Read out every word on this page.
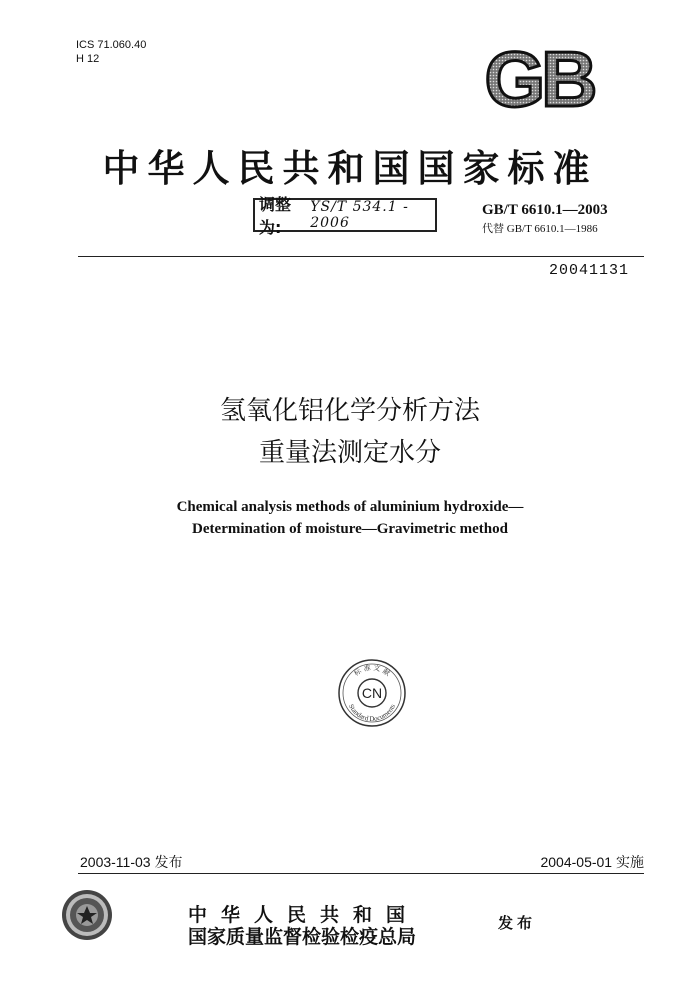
ICS 71.060.40
H 12	GB
中华人民共和国国家标准
调整为:
YS/T 534.1 - 2006
GB/T 6610.1—2003
代替 GB/T 6610.1—1986
20041131
氢氧化铝化学分析方法
重量法测定水分
Chemical analysis methods of aluminium hydroxide—
Determination of moisture—Gravimetric method
标 准 文 献
CN
Standard Documents
2003-11-03 发布	2004-05-01 实施
中华人民共和国
国家质量监督检验检疫总局
发布
